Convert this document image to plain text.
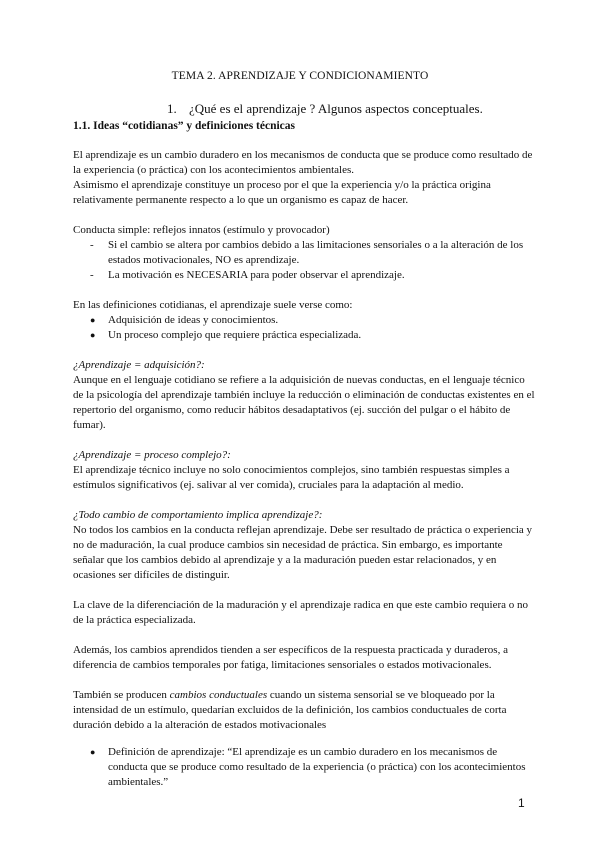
TEMA 2. APRENDIZAJE Y CONDICIONAMIENTO
1. ¿Qué es el aprendizaje ? Algunos aspectos conceptuales.
1.1. Ideas “cotidianas” y definiciones técnicas

El aprendizaje es un cambio duradero en los mecanismos de conducta que se produce como resultado de la experiencia (o práctica) con los acontecimientos ambientales.

Asimismo el aprendizaje constituye un proceso por el que la experiencia y/o la práctica origina relativamente permanente respecto a lo que un organismo es capaz de hacer.

Conducta simple: reflejos innatos (estímulo y provocador)

- Si el cambio se altera por cambios debido a las limitaciones sensoriales o a la alteración de los estados motivacionales, NO es aprendizaje.
- La motivación es NECESARIA para poder observar el aprendizaje.

En las definiciones cotidianas, el aprendizaje suele verse como:

● Adquisición de ideas y conocimientos.
● Un proceso complejo que requiere práctica especializada.

¿Aprendizaje = adquisición?:

Aunque en el lenguaje cotidiano se refiere a la adquisición de nuevas conductas, en el lenguaje técnico de la psicología del aprendizaje también incluye la reducción o eliminación de conductas existentes en el repertorio del organismo, como reducir hábitos desadaptativos (ej. succión del pulgar o el hábito de fumar).

¿Aprendizaje = proceso complejo?:

El aprendizaje técnico incluye no solo conocimientos complejos, sino también respuestas simples a estímulos significativos (ej. salivar al ver comida), cruciales para la adaptación al medio.

¿Todo cambio de comportamiento implica aprendizaje?:

No todos los cambios en la conducta reflejan aprendizaje. Debe ser resultado de práctica o experiencia y no de maduración, la cual produce cambios sin necesidad de práctica. Sin embargo, es importante señalar que los cambios debido al aprendizaje y a la maduración pueden estar relacionados, y en ocasiones ser difíciles de distinguir.

La clave de la diferenciación de la maduración y el aprendizaje radica en que este cambio requiera o no de la práctica especializada.

Además, los cambios aprendidos tienden a ser específicos de la respuesta practicada y duraderos, a diferencia de cambios temporales por fatiga, limitaciones sensoriales o estados motivacionales.

También se producen cambios conductuales cuando un sistema sensorial se ve bloqueado por la intensidad de un estímulo, quedarían excluidos de la definición, los cambios conductuales de corta duración debido a la alteración de estados motivacionales

● Definición de aprendizaje: “El aprendizaje es un cambio duradero en los mecanismos de conducta que se produce como resultado de la experiencia (o práctica) con los acontecimientos ambientales.”
1
